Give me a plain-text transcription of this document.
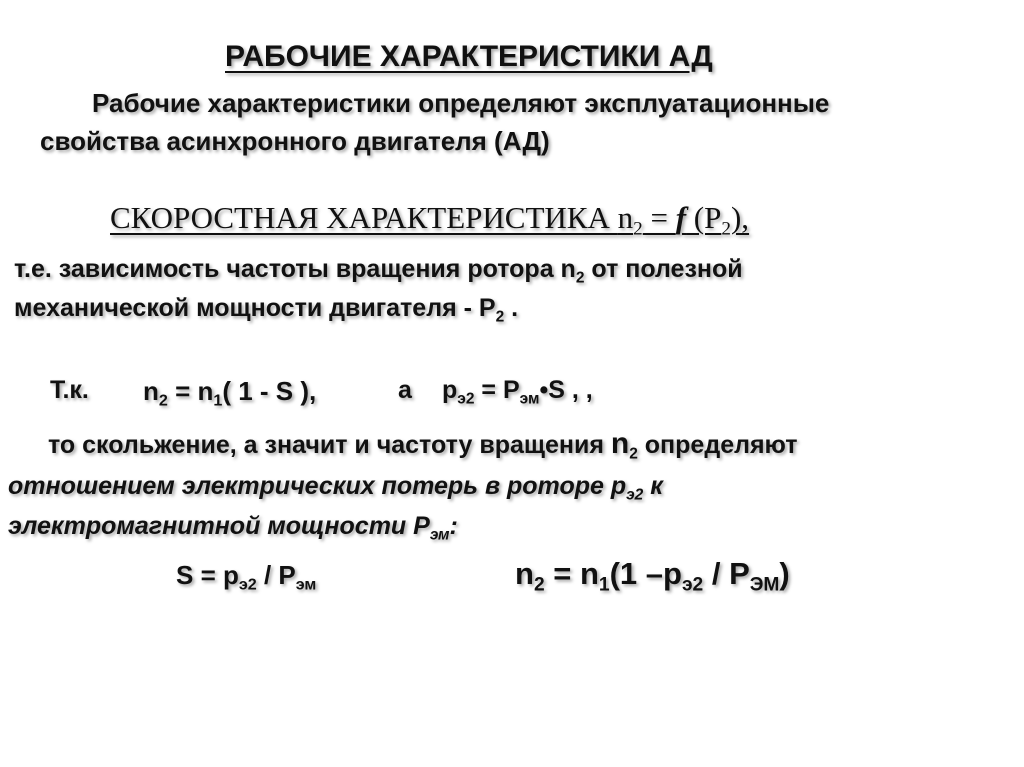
РАБОЧИЕ ХАРАКТЕРИСТИКИ АД
Рабочие характеристики определяют эксплуатационные
свойства асинхронного двигателя (АД)
СКОРОСТНАЯ ХАРАКТЕРИСТИКА $n_2 = f$ $(P_2)$,
т.е. зависимость частоты вращения ротора $n_2$ от полезной
механической мощности двигателя - $P_2$ .
Т.к. $n_2 = n_1$( 1 - S ),	а $p_{э2}$ = $P_{эм}•S$ , ,
то скольжение, а значит и частоту вращения $n_2$ определяют
отношением электрических потерь в роторе $p_{э2}$ к
электромагнитной мощности $P_{эм}$:
$S = p_{э2} / P_{эм}$	$n_2 = n_1(1$ $-p_{э2} / P_{ЭМ}$)
